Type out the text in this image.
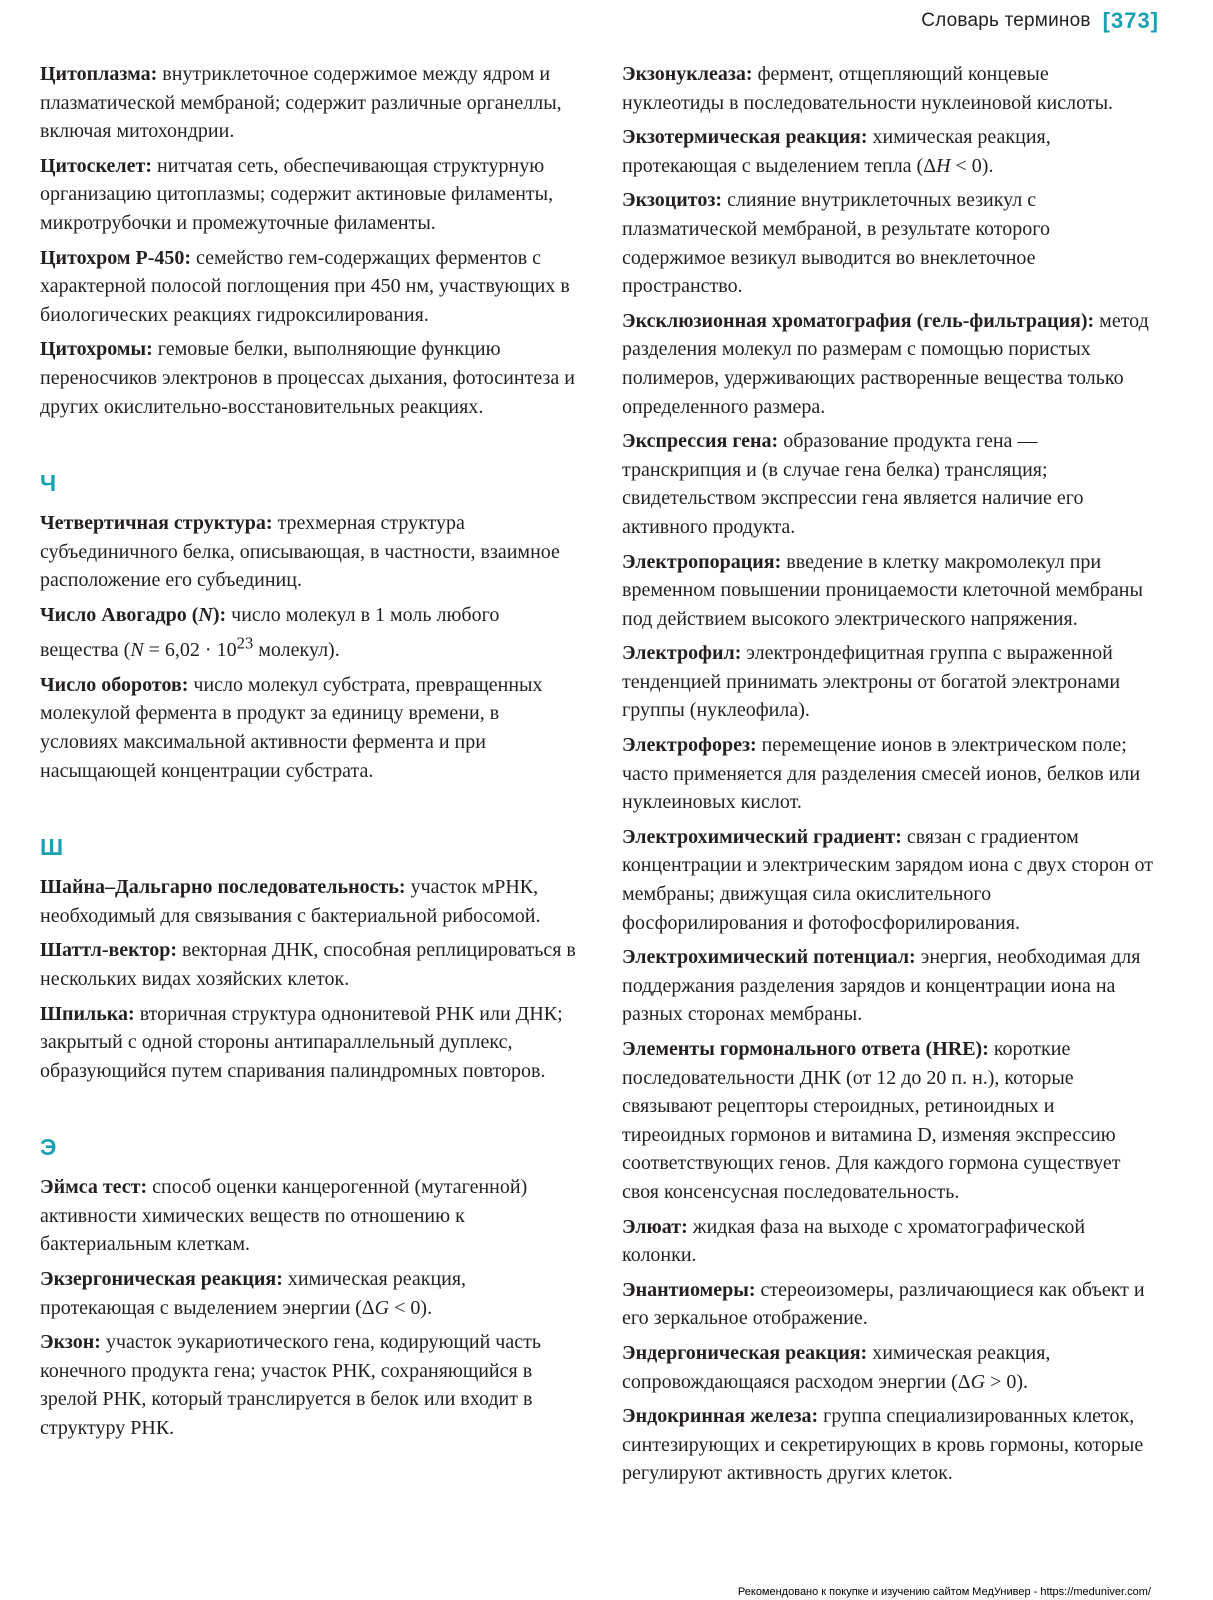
Словарь терминов [373]

Цитоплазма: внутриклеточное содержимое между ядром и плазматической мембраной; содержит различные органеллы, включая митохондрии.

Цитоскелет: нитчатая сеть, обеспечивающая структурную организацию цитоплазмы; содержит актиновые филаменты, микротрубочки и промежуточные филаменты.

Цитохром Р-450: семейство гем-содержащих ферментов с характерной полосой поглощения при 450 нм, участвующих в биологических реакциях гидроксилирования.

Цитохромы: гемовые белки, выполняющие функцию переносчиков электронов в процессах дыхания, фотосинтеза и других окислительно-восстановительных реакциях.

Ч

Четвертичная структура: трехмерная структура субъединичного белка, описывающая, в частности, взаимное расположение его субъединиц.

Число Авогадро (N): число молекул в 1 моль любого вещества ($N = 6,02 \cdot 10^{23}$ молекул).

Число оборотов: число молекул субстрата, превращенных молекулой фермента в продукт за единицу времени, в условиях максимальной активности фермента и при насыщающей концентрации субстрата.

Ш

Шайна–Дальгарно последовательность: участок мРНК, необходимый для связывания с бактериальной рибосомой.

Шаттл-вектор: векторная ДНК, способная реплицироваться в нескольких видах хозяйских клеток.

Шпилька: вторичная структура однонитевой РНК или ДНК; закрытый с одной стороны антипараллельный дуплекс, образующийся путем спаривания палиндромных повторов.

Э

Эймса тест: способ оценки канцерогенной (мутагенной) активности химических веществ по отношению к бактериальным клеткам.

Экзергоническая реакция: химическая реакция, протекающая с выделением энергии (ΔG < 0).

Экзон: участок эукариотического гена, кодирующий часть конечного продукта гена; участок РНК, сохраняющийся в зрелой РНК, который транслируется в белок или входит в структуру РНК.

Экзонуклеаза: фермент, отщепляющий концевые нуклеотиды в последовательности нуклеиновой кислоты.

Экзотермическая реакция: химическая реакция, протекающая с выделением тепла (ΔH < 0).

Экзоцитоз: слияние внутриклеточных везикул с плазматической мембраной, в результате которого содержимое везикул выводится во внеклеточное пространство.

Эксклюзионная хроматография (гель-фильтрация): метод разделения молекул по размерам с помощью пористых полимеров, удерживающих растворенные вещества только определенного размера.

Экспрессия гена: образование продукта гена — транскрипция и (в случае гена белка) трансляция; свидетельством экспрессии гена является наличие его активного продукта.

Электропорация: введение в клетку макромолекул при временном повышении проницаемости клеточной мембраны под действием высокого электрического напряжения.

Электрофил: электрондефицитная группа с выраженной тенденцией принимать электроны от богатой электронами группы (нуклеофила).

Электрофорез: перемещение ионов в электрическом поле; часто применяется для разделения смесей ионов, белков или нуклеиновых кислот.

Электрохимический градиент: связан с градиентом концентрации и электрическим зарядом иона с двух сторон от мембраны; движущая сила окислительного фосфорилирования и фотофосфорилирования.

Электрохимический потенциал: энергия, необходимая для поддержания разделения зарядов и концентрации иона на разных сторонах мембраны.

Элементы гормонального ответа (HRE): короткие последовательности ДНК (от 12 до 20 п. н.), которые связывают рецепторы стероидных, ретиноидных и тиреоидных гормонов и витамина D, изменяя экспрессию соответствующих генов. Для каждого гормона существует своя консенсусная последовательность.

Элюат: жидкая фаза на выходе с хроматографической колонки.

Энантиомеры: стереоизомеры, различающиеся как объект и его зеркальное отображение.

Эндергоническая реакция: химическая реакция, сопровождающаяся расходом энергии (ΔG > 0).

Эндокринная железа: группа специализированных клеток, синтезирующих и секретирующих в кровь гормоны, которые регулируют активность других клеток.

Рекомендовано к покупке и изучению сайтом МедУнивер - https://meduniver.com/
